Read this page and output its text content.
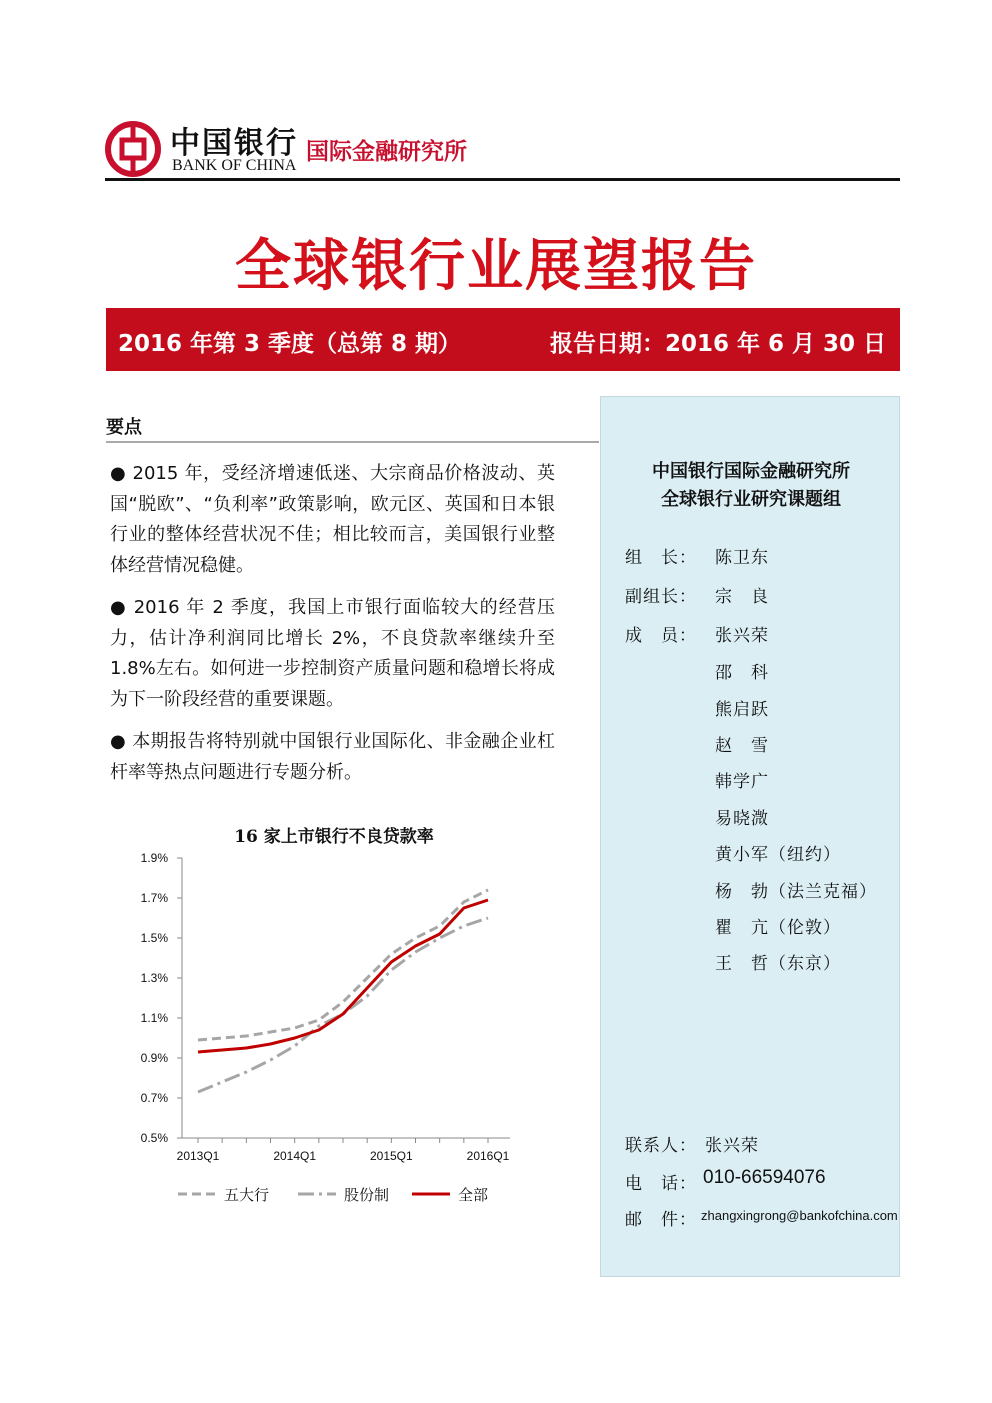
中国银行
BANK OF CHINA
国际金融研究所
全球银行业展望报告
2016 年第 3 季度（总第 8 期）	报告日期：2016 年 6 月 30 日
要点
● 2015 年，受经济增速低迷、大宗商品价格波动、英国“脱欧”、“负利率”政策影响，欧元区、英国和日本银行业的整体经营状况不佳；相比较而言，美国银行业整体经营情况稳健。
● 2016 年 2 季度，我国上市银行面临较大的经营压力，估计净利润同比增长 2%，不良贷款率继续升至 1.8%左右。如何进一步控制资产质量问题和稳增长将成为下一阶段经营的重要课题。
● 本期报告将特别就中国银行业国际化、非金融企业杠杆率等热点问题进行专题分析。
16 家上市银行不良贷款率
0.5%
0.7%
0.9%
1.1%
1.3%
1.5%
1.7%
1.9%
2013Q1	2014Q1	2015Q1	2016Q1
五大行	股份制	全部
中国银行国际金融研究所
全球银行业研究课题组
组　长： 陈卫东
副组长： 宗　良
成　员： 张兴荣
邵　科
熊启跃
赵　雪
韩学广
易晓溦
黄小军（纽约）
杨　勃（法兰克福）
瞿　亢（伦敦）
王　哲（东京）
联系人： 张兴荣
电　话： 010-66594076
邮　件： zhangxingrong@bankofchina.com
